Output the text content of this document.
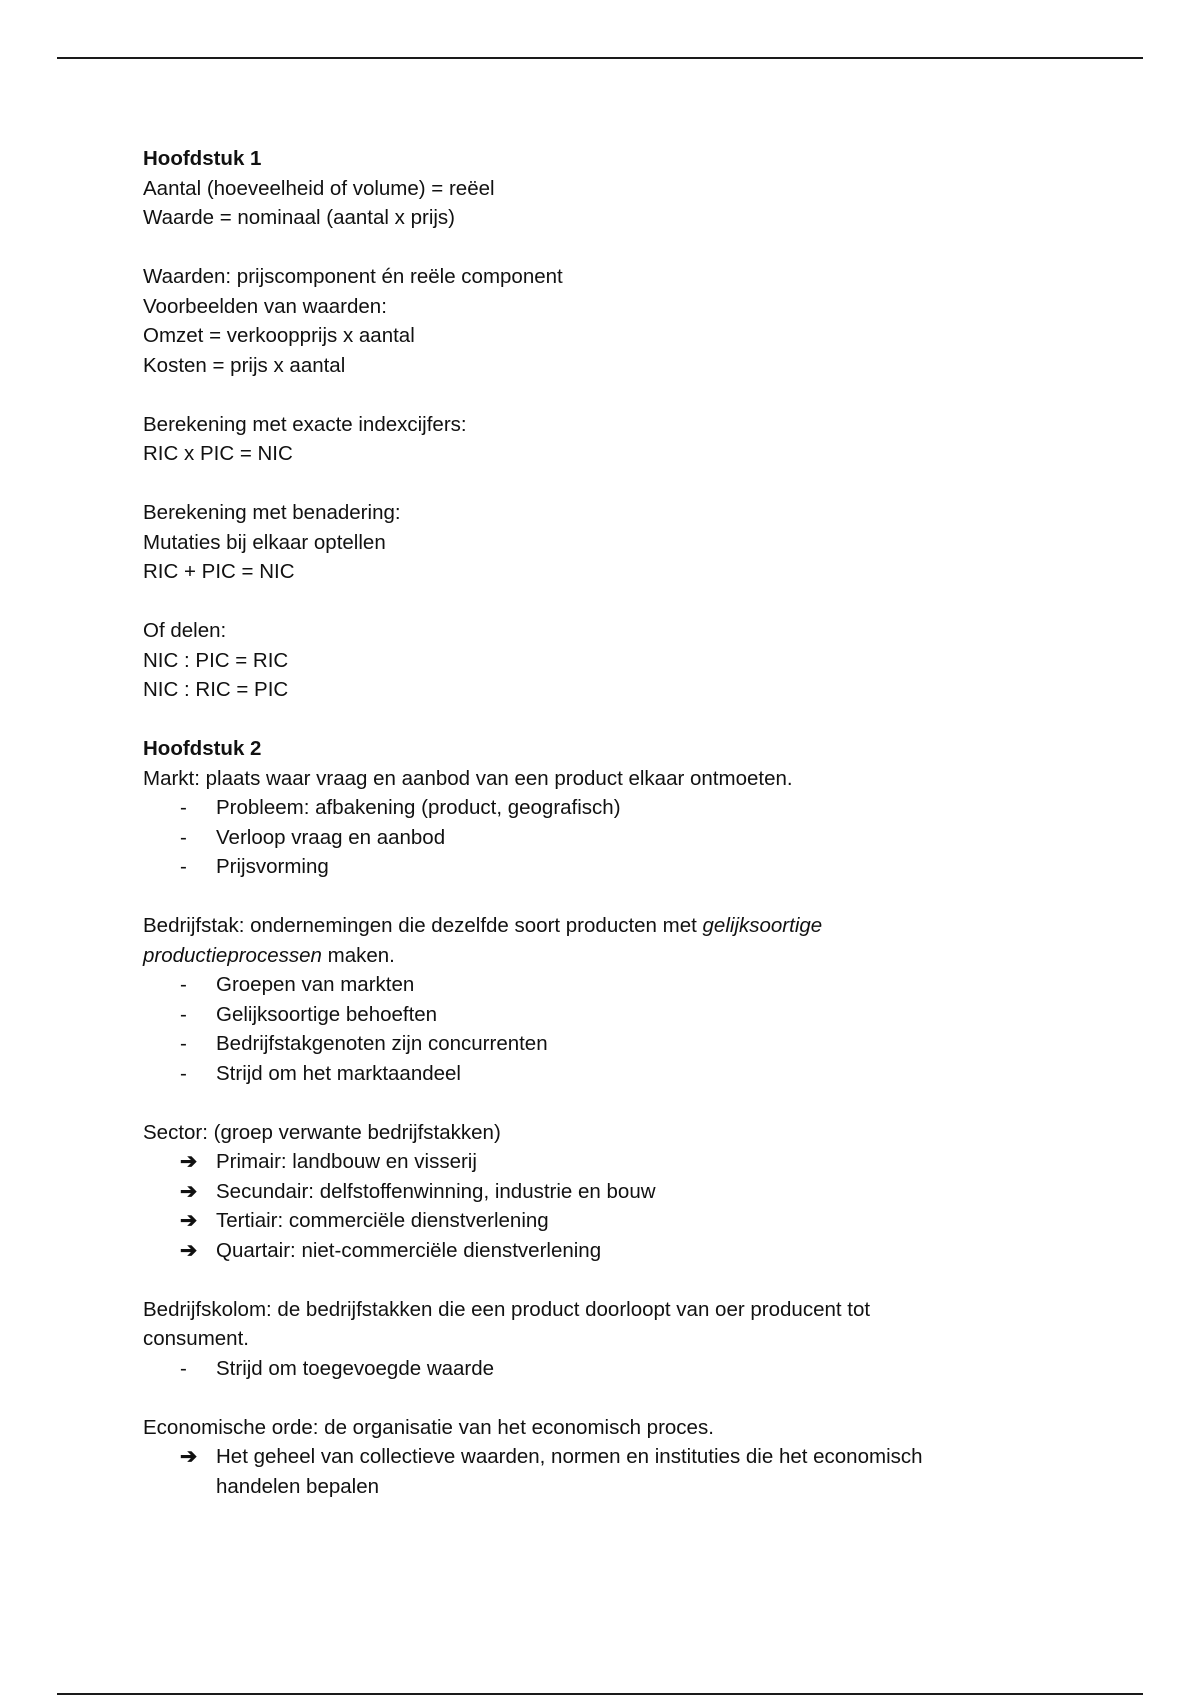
Hoofdstuk 1
Aantal (hoeveelheid of volume) = reëel
Waarde = nominaal (aantal x prijs)
Waarden: prijscomponent én reële component
Voorbeelden van waarden:
Omzet = verkoopprijs x aantal
Kosten = prijs x aantal
Berekening met exacte indexcijfers:
RIC x PIC = NIC
Berekening met benadering:
Mutaties bij elkaar optellen
RIC + PIC = NIC
Of delen:
NIC : PIC = RIC
NIC : RIC = PIC
Hoofdstuk 2
Markt: plaats waar vraag en aanbod van een product elkaar ontmoeten.
-	Probleem: afbakening (product, geografisch)
-	Verloop vraag en aanbod
-	Prijsvorming
Bedrijfstak: ondernemingen die dezelfde soort producten met gelijksoortige
productieprocessen maken.
-	Groepen van markten
-	Gelijksoortige behoeften
-	Bedrijfstakgenoten zijn concurrenten
-	Strijd om het marktaandeel
Sector: (groep verwante bedrijfstakken)
➔ Primair: landbouw en visserij
➔ Secundair: delfstoffenwinning, industrie en bouw
➔ Tertiair: commerciële dienstverlening
➔ Quartair: niet-commerciële dienstverlening
Bedrijfskolom: de bedrijfstakken die een product doorloopt van oer producent tot
consument.
-	Strijd om toegevoegde waarde
Economische orde: de organisatie van het economisch proces.
➔ Het geheel van collectieve waarden, normen en instituties die het economisch
handelen bepalen
